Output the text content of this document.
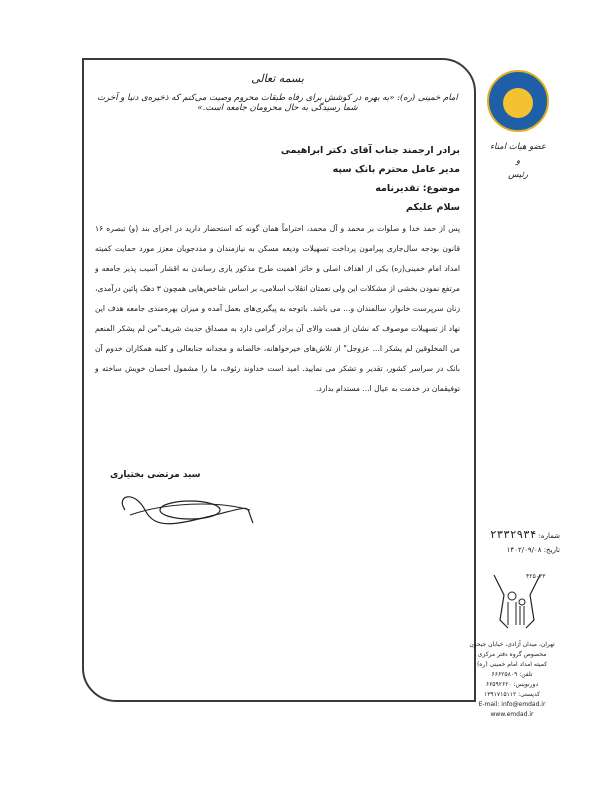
بسمه تعالی
امام خمینی (ره): «به‌ بهره‌ در کوشش برای رفاه طبقات محروم وصیت می‌کنم که ذخیره‌ی دنیا و آخرت شما رسیدگی به حال محرومان جامعه است.»
برادر ارجمند جناب آقای دکتر ابراهیمی
مدیر عامل محترم بانک سپه
موضوع: تقدیرنامه
سلام علیکم
پس از حمد خدا و صلوات بر محمد و آل محمد، احتراماً همان گونه که استحضار دارید در اجرای بند (و) تبصره ۱۶ قانون بودجه سال‌جاری پیرامون پرداخت تسهیلات ودیعه مسکن به نیازمندان و مددجویان معزز مورد حمایت کمیته امداد امام خمینی(ره) یکی از اهداف اصلی و حائز اهمیت طرح مذکور یاری رساندن به اقشار آسیب پذیر جامعه و مرتفع نمودن بخشی از مشکلات این ولی نعمتان انقلاب اسلامی، بر اساس شاخص‌هایی همچون ۳ دهک پائین درآمدی، زنان سرپرست خانوار، سالمندان و... می باشد. باتوجه به پیگیری‌های بعمل آمده و میزان بهره‌مندی جامعه هدف این نهاد از تسهیلات موصوف که نشان از همت والای آن برادر گرامی دارد به مصداق حدیث شریف"من لم یشکر المنعم من المخلوقین لم یشکر ا... عزوجل" از تلاش‌های خیرخواهانه، خالصانه و مجدانه جنابعالی و کلیه همکاران خدوم آن بانک در سراسر کشور، تقدیر و تشکر می نمایید. امید است خداوند رئوف، ما را مشمول احسان خویش ساخته و توفیقمان در خدمت به عیال ا... مستدام بدارد.
سید مرتضی بختیاری
عضو هیات امناء
و
رئیس
شماره: ۲۳۳۲۹۳۴
تاریخ: ۱۴۰۲/۰۹/۰۸
۴۲۵۰۳۳
تهران، میدان آزادی، خیابان جیحون
مخصوص گروه دفتر مرکزی
کمیته امداد امام خمینی (ره)
تلفن: ۶۶۶۲۵۸۰۹
دورنویس: ۶۶۵۹۲۶۲۰
کدپستی: ۱۳۹۱۷۱۵۱۱۲
E-mail: info@emdad.ir
www.emdad.ir
